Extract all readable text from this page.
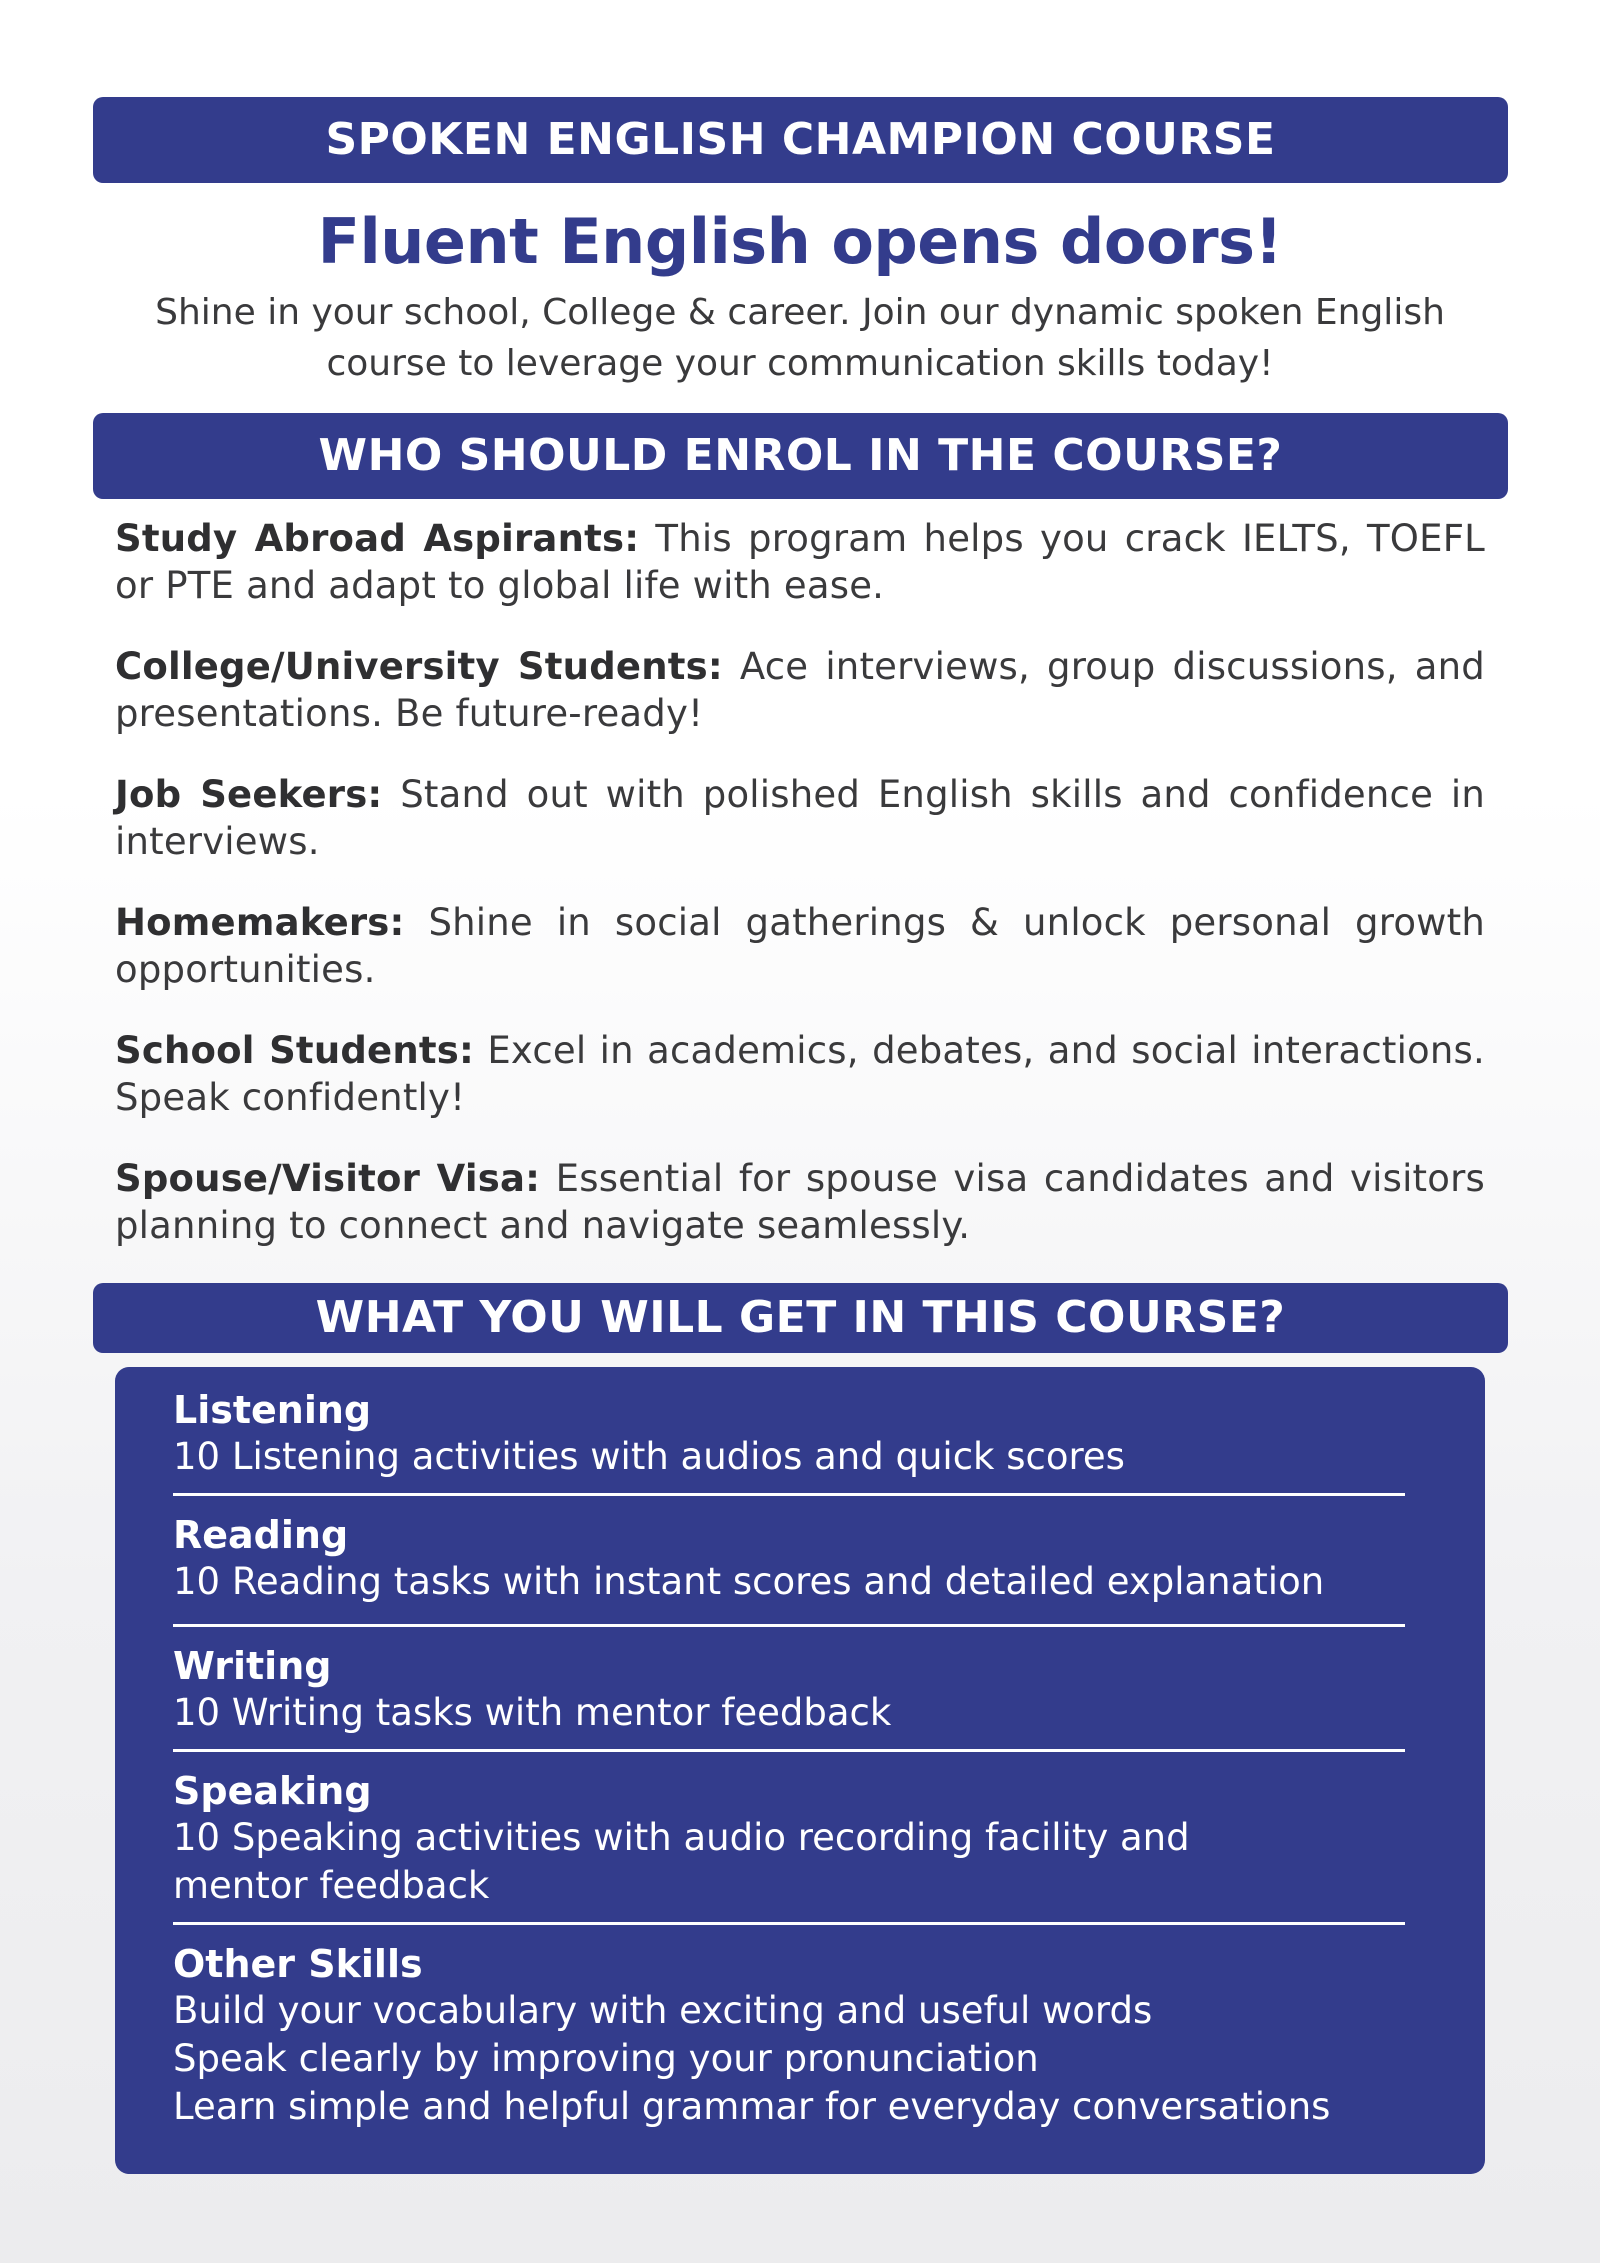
SPOKEN ENGLISH CHAMPION COURSE
Fluent English opens doors!
Shine in your school, College & career. Join our dynamic spoken English course to leverage your communication skills today!
WHO SHOULD ENROL IN THE COURSE?

Study Abroad Aspirants: This program helps you crack IELTS, TOEFL or PTE and adapt to global life with ease.

College/University Students: Ace interviews, group discussions, and presentations. Be future-ready!

Job Seekers: Stand out with polished English skills and confidence in interviews.

Homemakers: Shine in social gatherings & unlock personal growth opportunities.

School Students: Excel in academics, debates, and social interactions. Speak confidently!

Spouse/Visitor Visa: Essential for spouse visa candidates and visitors planning to connect and navigate seamlessly.

WHAT YOU WILL GET IN THIS COURSE?
Listening
10 Listening activities with audios and quick scores
Reading
10 Reading tasks with instant scores and detailed explanation
Writing
10 Writing tasks with mentor feedback
Speaking
10 Speaking activities with audio recording facility and mentor feedback
Other Skills
Build your vocabulary with exciting and useful words
Speak clearly by improving your pronunciation
Learn simple and helpful grammar for everyday conversations
